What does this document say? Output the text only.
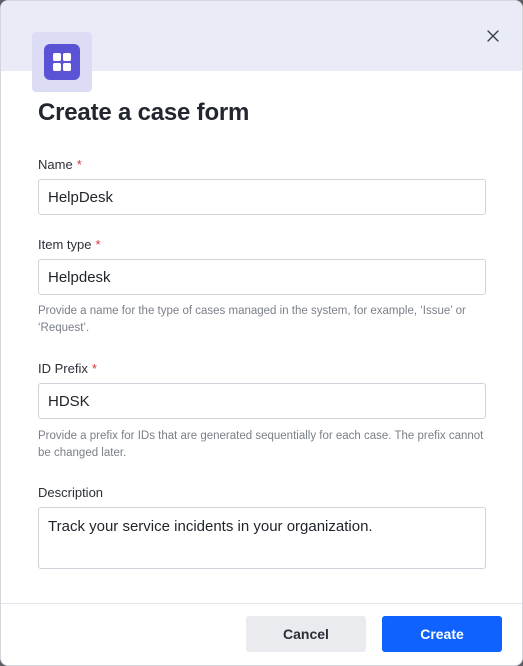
Create a case form
Name *
HelpDesk
Item type *
Helpdesk
Provide a name for the type of cases managed in the system, for example, ‘Issue’ or ‘Request’.
ID Prefix *
HDSK
Provide a prefix for IDs that are generated sequentially for each case. The prefix cannot be changed later.
Description
Track your service incidents in your organization.
Cancel	Create
